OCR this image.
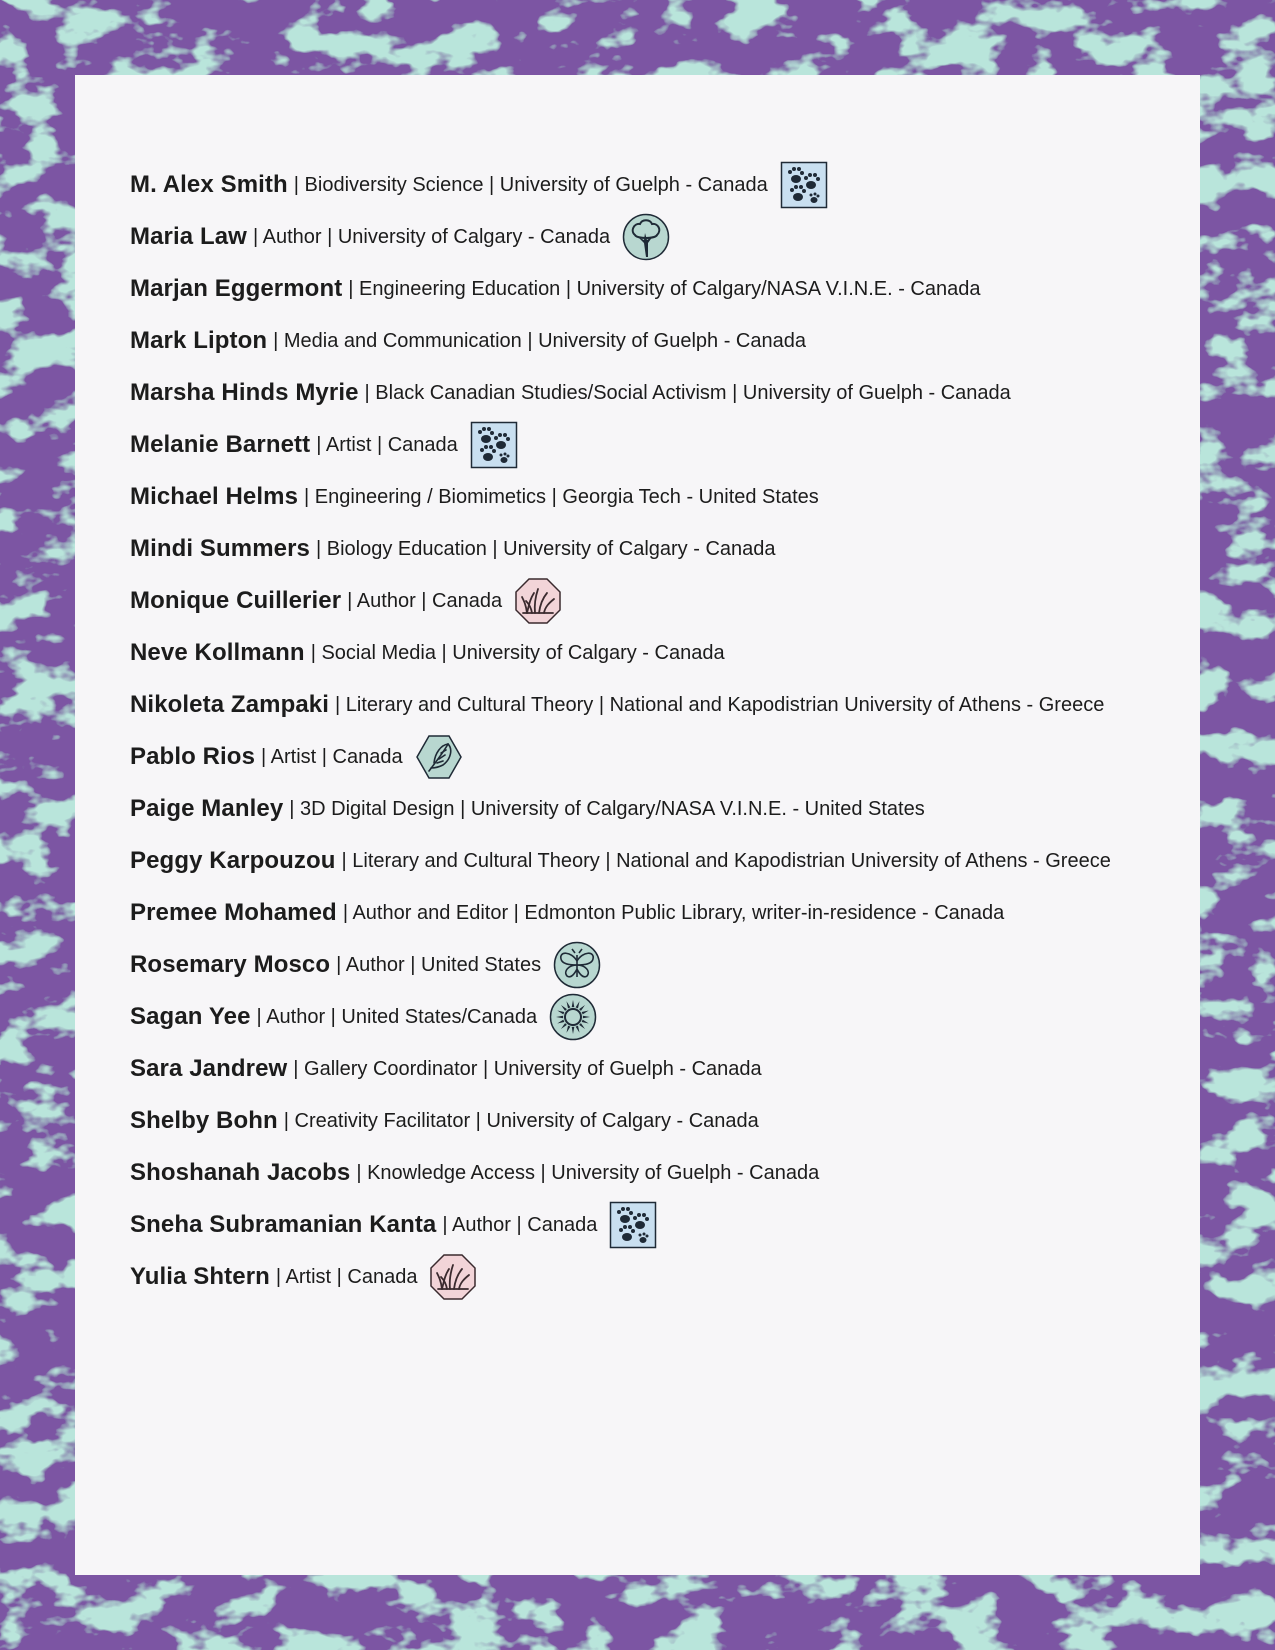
M. Alex Smith | Biodiversity Science | University of Guelph - Canada
Maria Law | Author | University of Calgary - Canada
Marjan Eggermont | Engineering Education | University of Calgary/NASA V.I.N.E. - Canada
Mark Lipton | Media and Communication | University of Guelph - Canada
Marsha Hinds Myrie | Black Canadian Studies/Social Activism | University of Guelph - Canada
Melanie Barnett | Artist | Canada
Michael Helms | Engineering / Biomimetics | Georgia Tech - United States
Mindi Summers | Biology Education | University of Calgary - Canada
Monique Cuillerier | Author | Canada
Neve Kollmann | Social Media | University of Calgary - Canada
Nikoleta Zampaki | Literary and Cultural Theory | National and Kapodistrian University of Athens - Greece
Pablo Rios | Artist | Canada
Paige Manley | 3D Digital Design | University of Calgary/NASA V.I.N.E. - United States
Peggy Karpouzou | Literary and Cultural Theory | National and Kapodistrian University of Athens - Greece
Premee Mohamed | Author and Editor | Edmonton Public Library, writer-in-residence - Canada
Rosemary Mosco | Author | United States
Sagan Yee | Author | United States/Canada
Sara Jandrew | Gallery Coordinator | University of Guelph - Canada
Shelby Bohn | Creativity Facilitator | University of Calgary - Canada
Shoshanah Jacobs | Knowledge Access | University of Guelph - Canada
Sneha Subramanian Kanta | Author | Canada
Yulia Shtern | Artist | Canada
